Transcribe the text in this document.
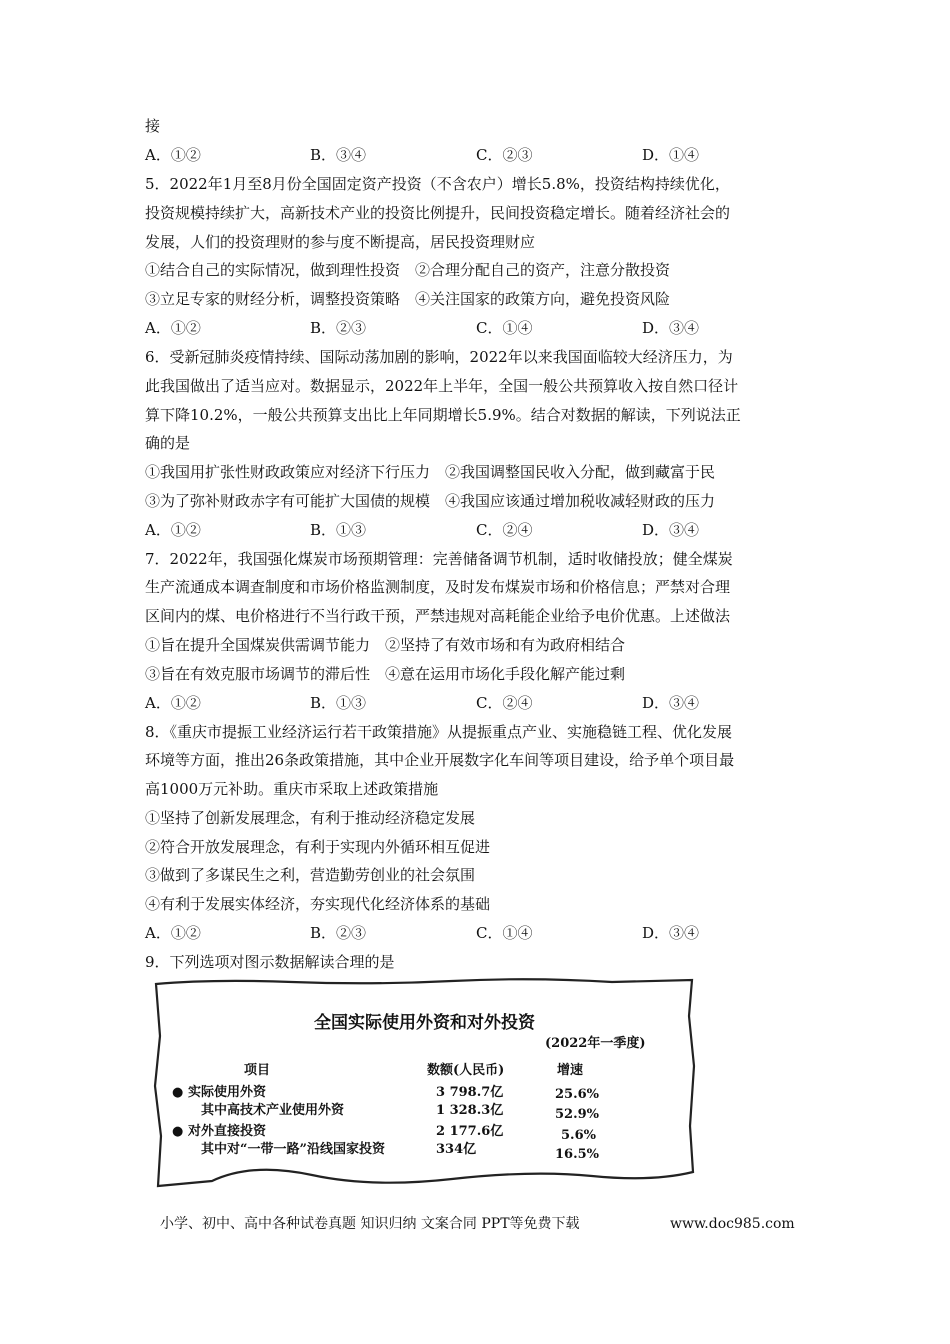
接
A．①②	B．③④	C．②③	D．①④
5．2022年1月至8月份全国固定资产投资（不含农户）增长5.8%，投资结构持续优化，
投资规模持续扩大，高新技术产业的投资比例提升，民间投资稳定增长。随着经济社会的
发展，人们的投资理财的参与度不断提高，居民投资理财应
①结合自己的实际情况，做到理性投资　②合理分配自己的资产，注意分散投资
③立足专家的财经分析，调整投资策略　④关注国家的政策方向，避免投资风险
A．①②	B．②③	C．①④	D．③④
6．受新冠肺炎疫情持续、国际动荡加剧的影响，2022年以来我国面临较大经济压力，为
此我国做出了适当应对。数据显示，2022年上半年，全国一般公共预算收入按自然口径计
算下降10.2%，一般公共预算支出比上年同期增长5.9%。结合对数据的解读，下列说法正
确的是
①我国用扩张性财政政策应对经济下行压力　②我国调整国民收入分配，做到藏富于民
③为了弥补财政赤字有可能扩大国债的规模　④我国应该通过增加税收减轻财政的压力
A．①②	B．①③	C．②④	D．③④
7．2022年，我国强化煤炭市场预期管理：完善储备调节机制，适时收储投放；健全煤炭
生产流通成本调查制度和市场价格监测制度，及时发布煤炭市场和价格信息；严禁对合理
区间内的煤、电价格进行不当行政干预，严禁违规对高耗能企业给予电价优惠。上述做法
①旨在提升全国煤炭供需调节能力　②坚持了有效市场和有为政府相结合
③旨在有效克服市场调节的滞后性　④意在运用市场化手段化解产能过剩
A．①②	B．①③	C．②④	D．③④
8．《重庆市提振工业经济运行若干政策措施》从提振重点产业、实施稳链工程、优化发展
环境等方面，推出26条政策措施，其中企业开展数字化车间等项目建设，给予单个项目最
高1000万元补助。重庆市采取上述政策措施
①坚持了创新发展理念，有利于推动经济稳定发展
②符合开放发展理念，有利于实现内外循环相互促进
③做到了多谋民生之利，营造勤劳创业的社会氛围
④有利于发展实体经济，夯实现代化经济体系的基础
A．①②	B．②③	C．①④	D．③④
9．下列选项对图示数据解读合理的是
全国实际使用外资和对外投资
(2022年一季度)
项目	数额(人民币)	增速
● 实际使用外资	3 798.7亿	25.6%
其中高技术产业使用外资	1 328.3亿	52.9%
● 对外直接投资	2 177.6亿	5.6%
其中对“一带一路”沿线国家投资	334亿	16.5%
小学、初中、高中各种试卷真题 知识归纳 文案合同 PPT等免费下载	www.doc985.com
